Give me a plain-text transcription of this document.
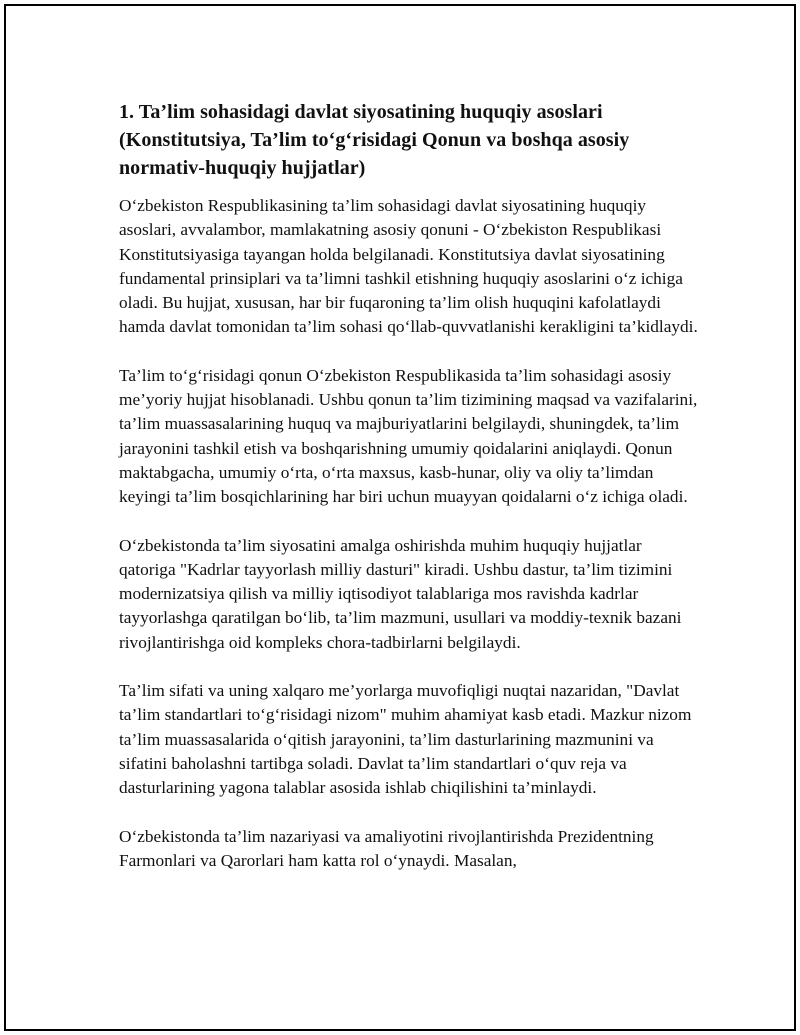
1. Ta’lim sohasidagi davlat siyosatining huquqiy asoslari (Konstitutsiya, Ta’lim to‘g‘risidagi Qonun va boshqa asosiy normativ-huquqiy hujjatlar)

O‘zbekiston Respublikasining ta’lim sohasidagi davlat siyosatining huquqiy asoslari, avvalambor, mamlakatning asosiy qonuni - O‘zbekiston Respublikasi Konstitutsiyasiga tayangan holda belgilanadi. Konstitutsiya davlat siyosatining fundamental prinsiplari va ta’limni tashkil etishning huquqiy asoslarini o‘z ichiga oladi. Bu hujjat, xususan, har bir fuqaroning ta’lim olish huquqini kafolatlaydi hamda davlat tomonidan ta’lim sohasi qo‘llab-quvvatlanishi kerakligini ta’kidlaydi.

Ta’lim to‘g‘risidagi qonun O‘zbekiston Respublikasida ta’lim sohasidagi asosiy me’yoriy hujjat hisoblanadi. Ushbu qonun ta’lim tizimining maqsad va vazifalarini, ta’lim muassasalarining huquq va majburiyatlarini belgilaydi, shuningdek, ta’lim jarayonini tashkil etish va boshqarishning umumiy qoidalarini aniqlaydi. Qonun maktabgacha, umumiy o‘rta, o‘rta maxsus, kasb-hunar, oliy va oliy ta’limdan keyingi ta’lim bosqichlarining har biri uchun muayyan qoidalarni o‘z ichiga oladi.

O‘zbekistonda ta’lim siyosatini amalga oshirishda muhim huquqiy hujjatlar qatoriga "Kadrlar tayyorlash milliy dasturi" kiradi. Ushbu dastur, ta’lim tizimini modernizatsiya qilish va milliy iqtisodiyot talablariga mos ravishda kadrlar tayyorlashga qaratilgan bo‘lib, ta’lim mazmuni, usullari va moddiy-texnik bazani rivojlantirishga oid kompleks chora-tadbirlarni belgilaydi.

Ta’lim sifati va uning xalqaro me’yorlarga muvofiqligi nuqtai nazaridan, "Davlat ta’lim standartlari to‘g‘risidagi nizom" muhim ahamiyat kasb etadi. Mazkur nizom ta’lim muassasalarida o‘qitish jarayonini, ta’lim dasturlarining mazmunini va sifatini baholashni tartibga soladi. Davlat ta’lim standartlari o‘quv reja va dasturlarining yagona talablar asosida ishlab chiqilishini ta’minlaydi.

O‘zbekistonda ta’lim nazariyasi va amaliyotini rivojlantirishda Prezidentning Farmonlari va Qarorlari ham katta rol o‘ynaydi. Masalan,
